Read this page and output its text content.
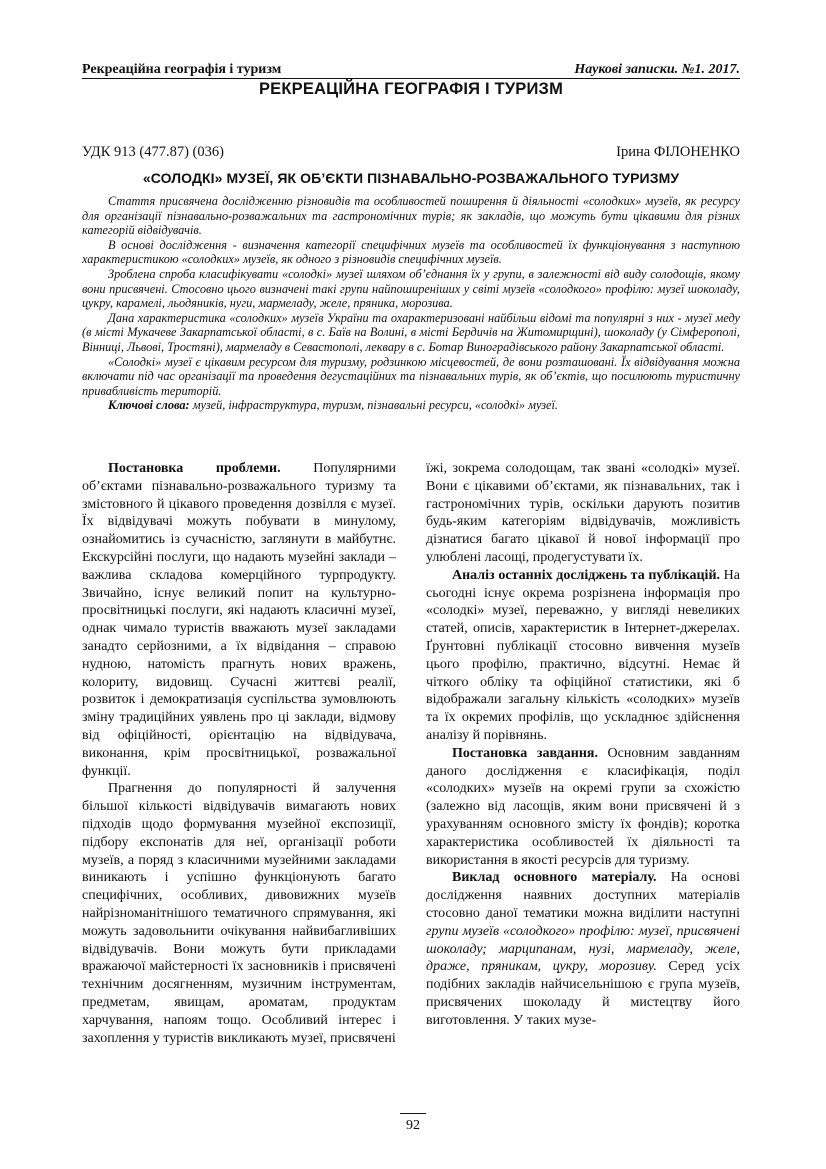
Рекреаційна географія і туризм	Наукові записки. №1. 2017.
РЕКРЕАЦІЙНА ГЕОГРАФІЯ І ТУРИЗМ
УДК 913 (477.87) (036)	Ірина ФІЛОНЕНКО
«СОЛОДКІ» МУЗЕЇ, ЯК ОБ’ЄКТИ ПІЗНАВАЛЬНО-РОЗВАЖАЛЬНОГО ТУРИЗМУ

Стаття присвячена дослідженню різновидів та особливостей поширення й діяльності «солодких» музеїв, як ресурсу для організації пізнавально-розважальних та гастрономічних турів; як закладів, що можуть бути цікавими для різних категорій відвідувачів.

В основі дослідження - визначення категорії специфічних музеїв та особливостей їх функціонування з наступною характеристикою «солодких» музеїв, як одного з різновидів специфічних музеїв.

Зроблена спроба класифікувати «солодкі» музеї шляхом об’єднання їх у групи, в залежності від виду солодощів, якому вони присвячені. Стосовно цього визначені такі групи найпоширеніших у світі музеїв «солодкого» профілю: музеї шоколаду, цукру, карамелі, льодяників, нуги, мармеладу, желе, пряника, морозива.

Дана характеристика «солодких» музеїв України та охарактеризовані найбільш відомі та популярні з них - музеї меду (в місті Мукачеве Закарпатської області, в с. Баїв на Волині, в місті Бердичів на Житомирщині), шоколаду (у Сімферополі, Вінниці, Львові, Тростяні), мармеладу в Севастополі, леквару в с. Ботар Виноградівського району Закарпатської області.

«Солодкі» музеї є цікавим ресурсом для туризму, родзинкою місцевостей, де вони розташовані. Їх відвідування можна включати під час організації та проведення дегустаційних та пізнавальних турів, як об’єктів, що посилюють туристичну привабливість територій.

Ключові слова: музей, інфраструктура, туризм, пізнавальні ресурси, «солодкі» музеї.

Постановка проблеми. Популярними об’єктами пізнавально-розважального туризму та змістовного й цікавого проведення дозвілля є музеї. Їх відвідувачі можуть побувати в минулому, ознайомитись із сучасністю, заглянути в майбутнє. Екскурсійні послуги, що надають музейні заклади – важлива складова комерційного турпродукту. Звичайно, існує великий попит на культурно-просвітницькі послуги, які надають класичні музеї, однак чимало туристів вважають музеї закладами занадто серйозними, а їх відвідання – справою нудною, натомість прагнуть нових вражень, колориту, видовищ. Сучасні життєві реалії, розвиток і демократизація суспільства зумовлюють зміну традиційних уявлень про ці заклади, відмову від офіційності, орієнтацію на відвідувача, виконання, крім просвітницької, розважальної функції.

Прагнення до популярності й залучення більшої кількості відвідувачів вимагають нових підходів щодо формування музейної експозиції, підбору експонатів для неї, організації роботи музеїв, а поряд з класичними музейними закладами виникають і успішно функціонують багато специфічних, особливих, дивовижних музеїв найрізноманітнішого тематичного спрямування, які можуть задовольнити очікування найвибагливіших відвідувачів. Вони можуть бути прикладами вражаючої майстерності їх засновників і присвячені технічним досягненням, музичним інструментам, предметам, явищам, ароматам, продуктам харчування, напоям тощо. Особливий інтерес і захоплення у туристів викликають музеї, присвячені

їжі, зокрема солодощам, так звані «солодкі» музеї. Вони є цікавими об’єктами, як пізнавальних, так і гастрономічних турів, оскільки дарують позитив будь-яким категоріям відвідувачів, можливість дізнатися багато цікавої й нової інформації про улюблені ласощі, продегустувати їх.

Аналіз останніх досліджень та публікацій. На сьогодні існує окрема розрізнена інформація про «солодкі» музеї, переважно, у вигляді невеликих статей, описів, характеристик в Інтернет-джерелах. Ґрунтовні публікації стосовно вивчення музеїв цього профілю, практично, відсутні. Немає й чіткого обліку та офіційної статистики, які б відображали загальну кількість «солодких» музеїв та їх окремих профілів, що ускладнює здійснення аналізу й порівнянь.

Постановка завдання. Основним завданням даного дослідження є класифікація, поділ «солодких» музеїв на окремі групи за схожістю (залежно від ласощів, яким вони присвячені й з урахуванням основного змісту їх фондів); коротка характеристика особливостей їх діяльності та використання в якості ресурсів для туризму.

Виклад основного матеріалу. На основі дослідження наявних доступних матеріалів стосовно даної тематики можна виділити наступні групи музеїв «солодкого» профілю: музеї, присвячені шоколаду; марципанам, нузі, мармеладу, желе, драже, пряникам, цукру, морозиву. Серед усіх подібних закладів найчисельнішою є група музеїв, присвячених шоколаду й мистецтву його виготовлення. У таких музе-

92
